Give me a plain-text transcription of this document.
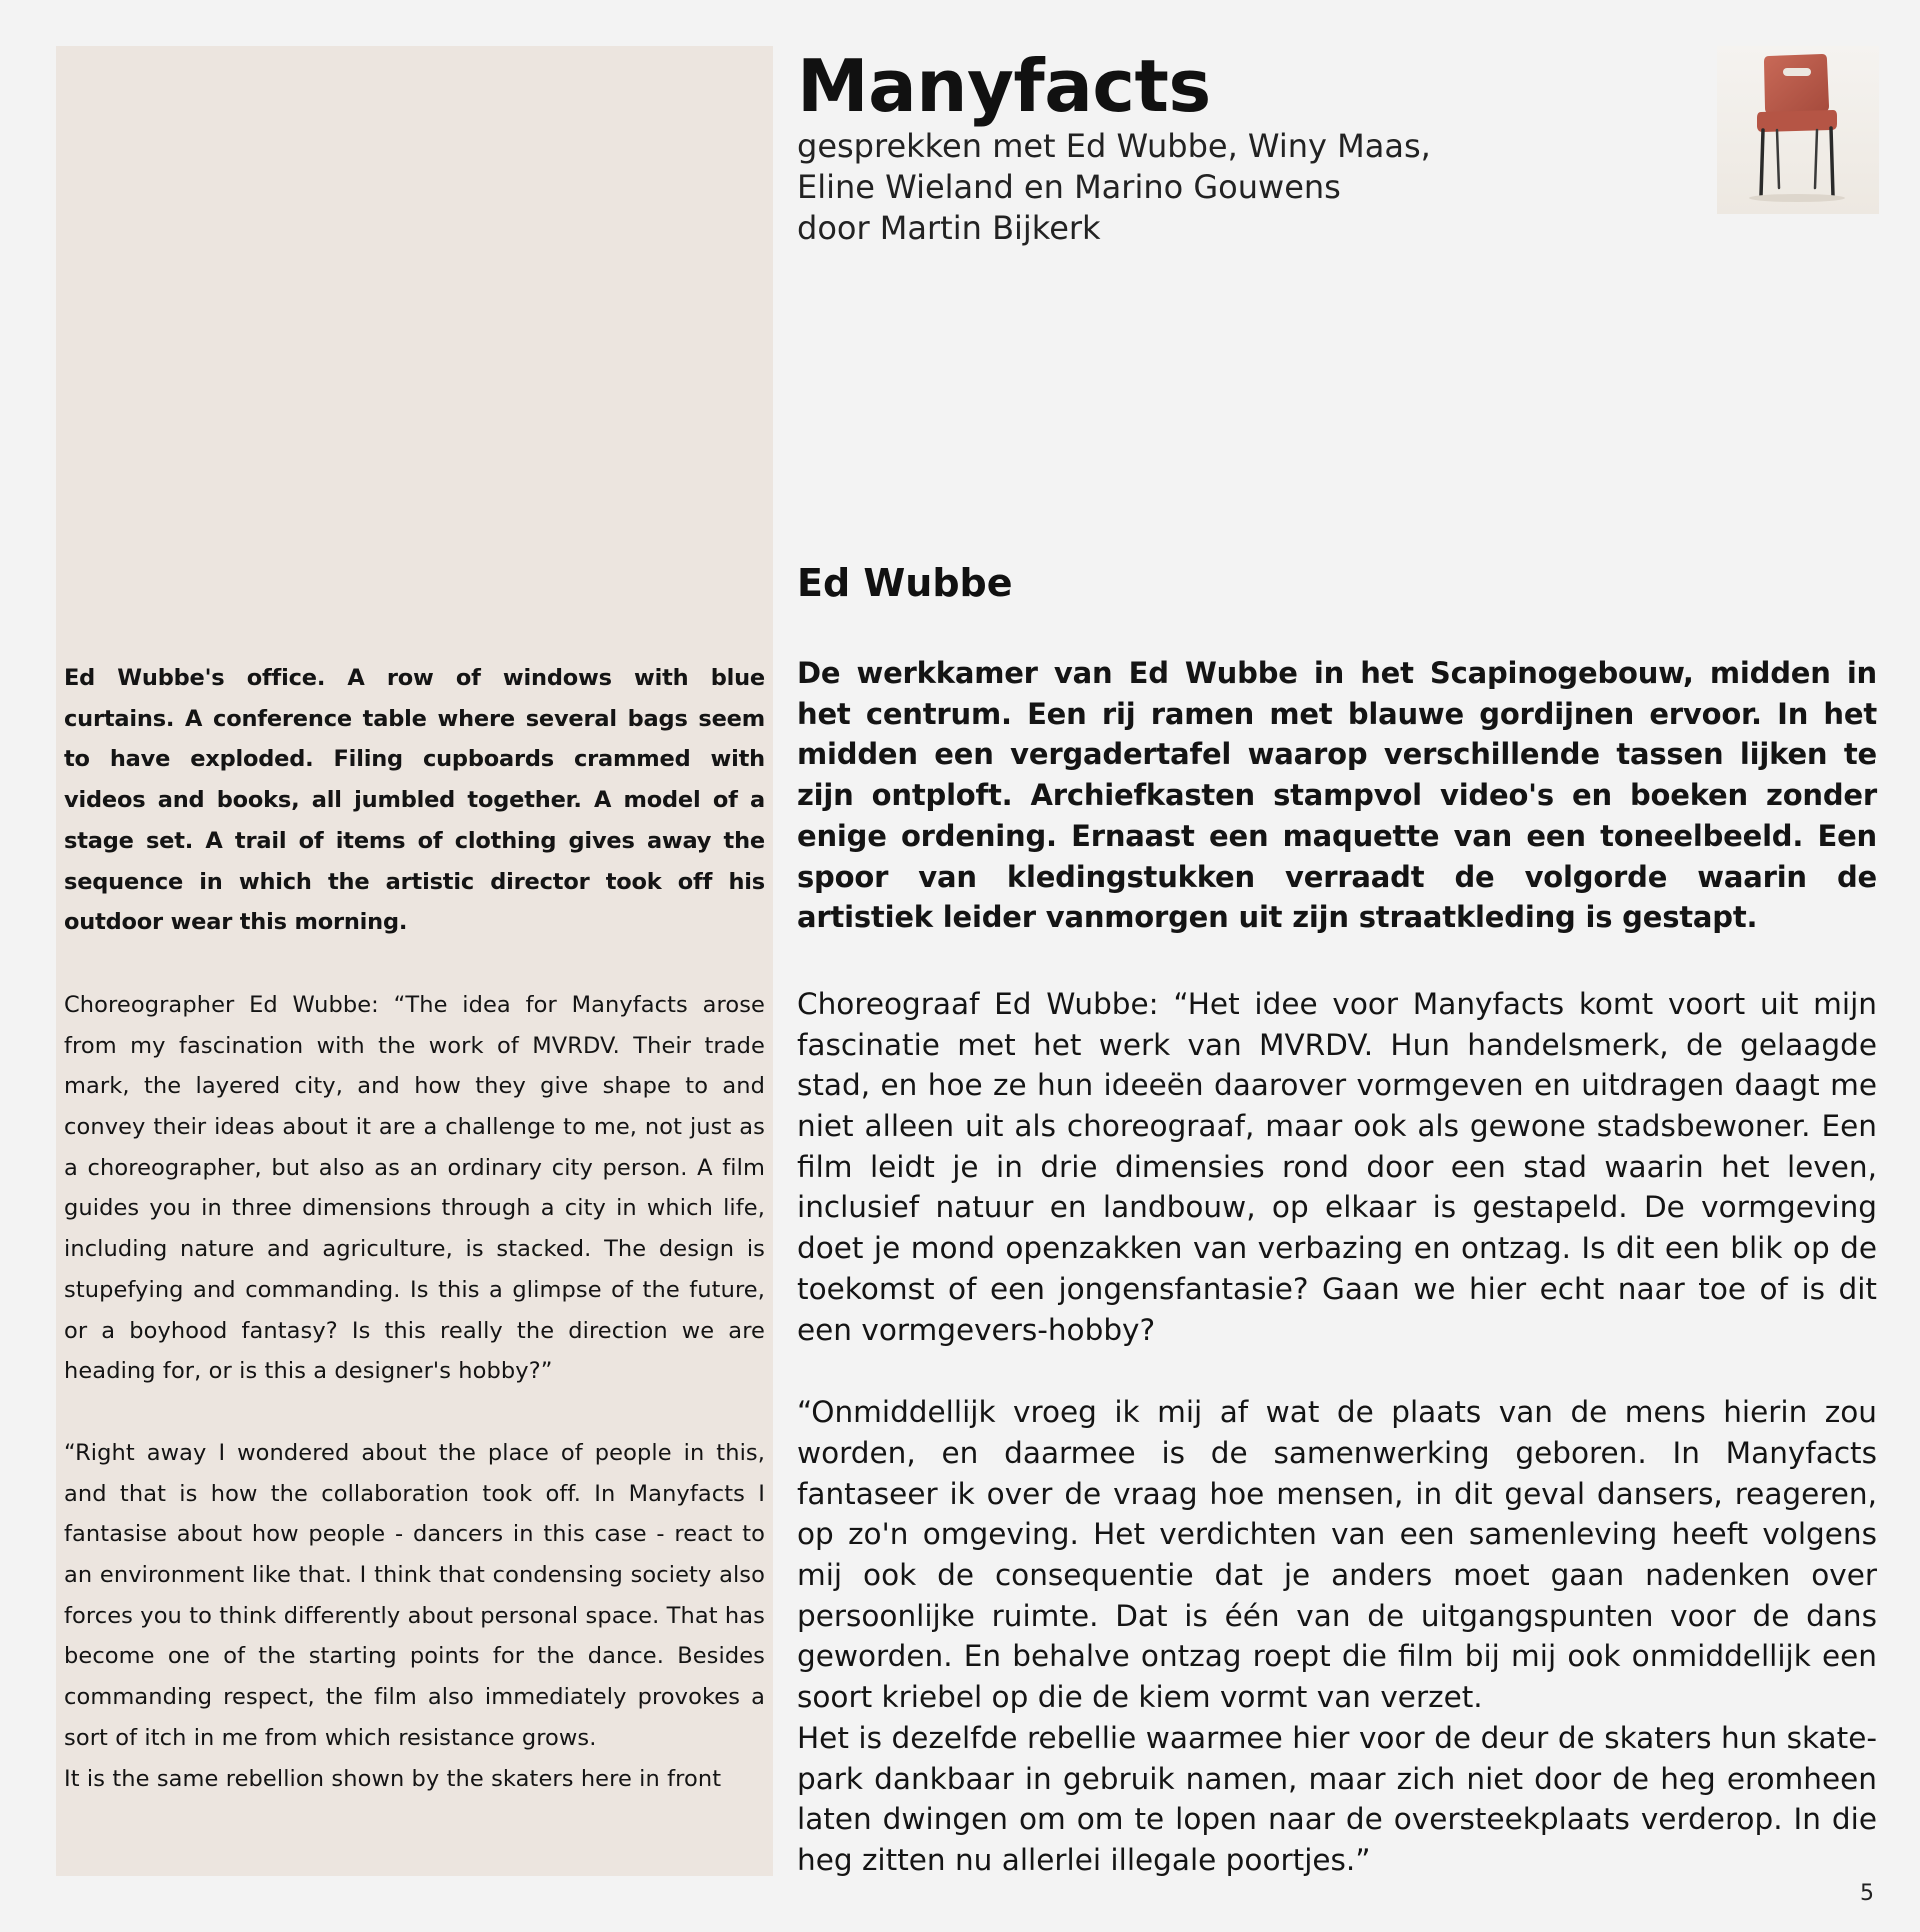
Ed Wubbe's office. A row of windows with blue curtains. A conference table where several bags seem to have exploded. Filing cupboards crammed with videos and books, all jumbled together. A model of a stage set. A trail of items of clothing gives away the sequence in which the artistic director took off his outdoor wear this morning.

Choreographer Ed Wubbe: “The idea for Manyfacts arose from my fascination with the work of MVRDV. Their trade mark, the layered city, and how they give shape to and convey their ideas about it are a challenge to me, not just as a choreographer, but also as an ordinary city person. A film guides you in three dimensions through a city in which life, including nature and agriculture, is stacked. The design is stupefying and commanding. Is this a glimpse of the future, or a boyhood fantasy? Is this really the direction we are heading for, or is this a designer's hobby?”

“Right away I wondered about the place of people in this, and that is how the collaboration took off. In Manyfacts I fantasise about how people - dancers in this case - react to an environment like that. I think that condensing society also forces you to think differently about personal space. That has become one of the starting points for the dance. Besides commanding respect, the film also immediately provokes a sort of itch in me from which resistance grows.

It is the same rebellion shown by the skaters here in front

Manyfacts

gesprekken met Ed Wubbe, Winy Maas,

Eline Wieland en Marino Gouwens

door Martin Bijkerk

Ed Wubbe

De werkkamer van Ed Wubbe in het Scapinogebouw, midden in het centrum. Een rij ramen met blauwe gordijnen ervoor. In het midden een vergadertafel waarop verschillende tassen lijken te zijn ontploft. Archiefkasten stampvol video's en boeken zonder enige ordening. Ernaast een maquette van een toneelbeeld. Een spoor van kledingstukken verraadt de volgorde waarin de artistiek leider vanmorgen uit zijn straatkleding is gestapt.

Choreograaf Ed Wubbe: “Het idee voor Manyfacts komt voort uit mijn fascinatie met het werk van MVRDV. Hun handelsmerk, de gelaagde stad, en hoe ze hun ideeën daarover vormgeven en uitdragen daagt me niet alleen uit als choreograaf, maar ook als gewone stadsbewoner. Een film leidt je in drie dimensies rond door een stad waarin het leven, inclusief natuur en landbouw, op elkaar is gestapeld. De vormgeving doet je mond openzakken van verbazing en ontzag. Is dit een blik op de toekomst of een jongensfantasie? Gaan we hier echt naar toe of is dit een vormgevers-hobby?

“Onmiddellijk vroeg ik mij af wat de plaats van de mens hierin zou worden, en daarmee is de samenwerking geboren. In Manyfacts fantaseer ik over de vraag hoe mensen, in dit geval dansers, reageren, op zo'n omgeving. Het verdichten van een samenleving heeft volgens mij ook de consequentie dat je anders moet gaan nadenken over persoonlijke ruimte. Dat is één van de uitgangspunten voor de dans geworden. En behalve ontzag roept die film bij mij ook onmiddellijk een soort kriebel op die de kiem vormt van verzet.

Het is dezelfde rebellie waarmee hier voor de deur de skaters hun skate-park dankbaar in gebruik namen, maar zich niet door de heg eromheen laten dwingen om om te lopen naar de oversteekplaats verderop. In die heg zitten nu allerlei illegale poortjes.”

5
